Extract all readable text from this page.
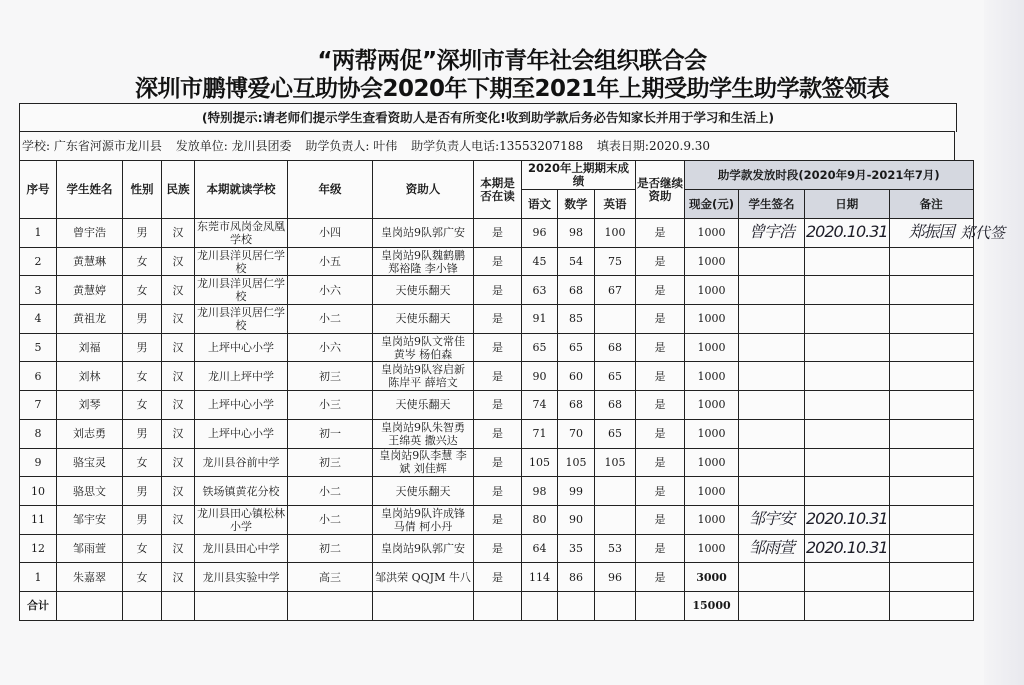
“两帮两促”深圳市青年社会组织联合会
深圳市鹏博爱心互助协会2020年下期至2021年上期受助学生助学款签领表
(特别提示:请老师们提示学生查看资助人是否有所变化!收到助学款后务必告知家长并用于学习和生活上)
学校: 广东省河源市龙川县 发放单位: 龙川县团委 助学负责人: 叶伟 助学负责人电话:13553207188 填表日期:2020.9.30
序号	学生姓名	性别	民族	本期就读学校	年级	资助人	本期是否在读	2020年上期期末成绩			是否继续资助	助学款发放时段(2020年9月-2021年7月)			
								语文	数学	英语		现金(元)	学生签名	日期	备注
1	曾宇浩	男	汉	东莞市凤岗金凤凰学校	小四	皇岗站9队郭广安	是	96	98	100	是	1000	曾宇浩	2020.10.31	郑振国
2	黄慧琳	女	汉	龙川县洋贝居仁学校	小五	皇岗站9队魏鹤鹏 郑裕隆 李小锋	是	45	54	75	是	1000			
3	黄慧婷	女	汉	龙川县洋贝居仁学校	小六	天使乐翻天	是	63	68	67	是	1000			
4	黄祖龙	男	汉	龙川县洋贝居仁学校	小二	天使乐翻天	是	91	85		是	1000			
5	刘福	男	汉	上坪中心小学	小六	皇岗站9队文常佳 黄岑 杨伯森	是	65	65	68	是	1000			
6	刘林	女	汉	龙川上坪中学	初三	皇岗站9队容启新 陈岸平 薛培文	是	90	60	65	是	1000			
7	刘琴	女	汉	上坪中心小学	小三	天使乐翻天	是	74	68	68	是	1000			
8	刘志勇	男	汉	上坪中心小学	初一	皇岗站9队朱智勇 王绵英 撒兴达	是	71	70	65	是	1000			
9	骆宝灵	女	汉	龙川县谷前中学	初三	皇岗站9队李慧 李斌 刘佳辉	是	105	105	105	是	1000			
10	骆思文	男	汉	铁场镇黄花分校	小二	天使乐翻天	是	98	99		是	1000			
11	邹宇安	男	汉	龙川县田心镇松林小学	小二	皇岗站9队许成锋 马倩 柯小丹	是	80	90		是	1000	邹宇安	2020.10.31	
12	邹雨萱	女	汉	龙川县田心中学	初二	皇岗站9队郭广安	是	64	35	53	是	1000	邹雨萱	2020.10.31	
1	朱嘉翠	女	汉	龙川县实验中学	高三	邹洪荣 QQJM 牛八	是	114	86	96	是	3000			
合计												15000			
郑代签
